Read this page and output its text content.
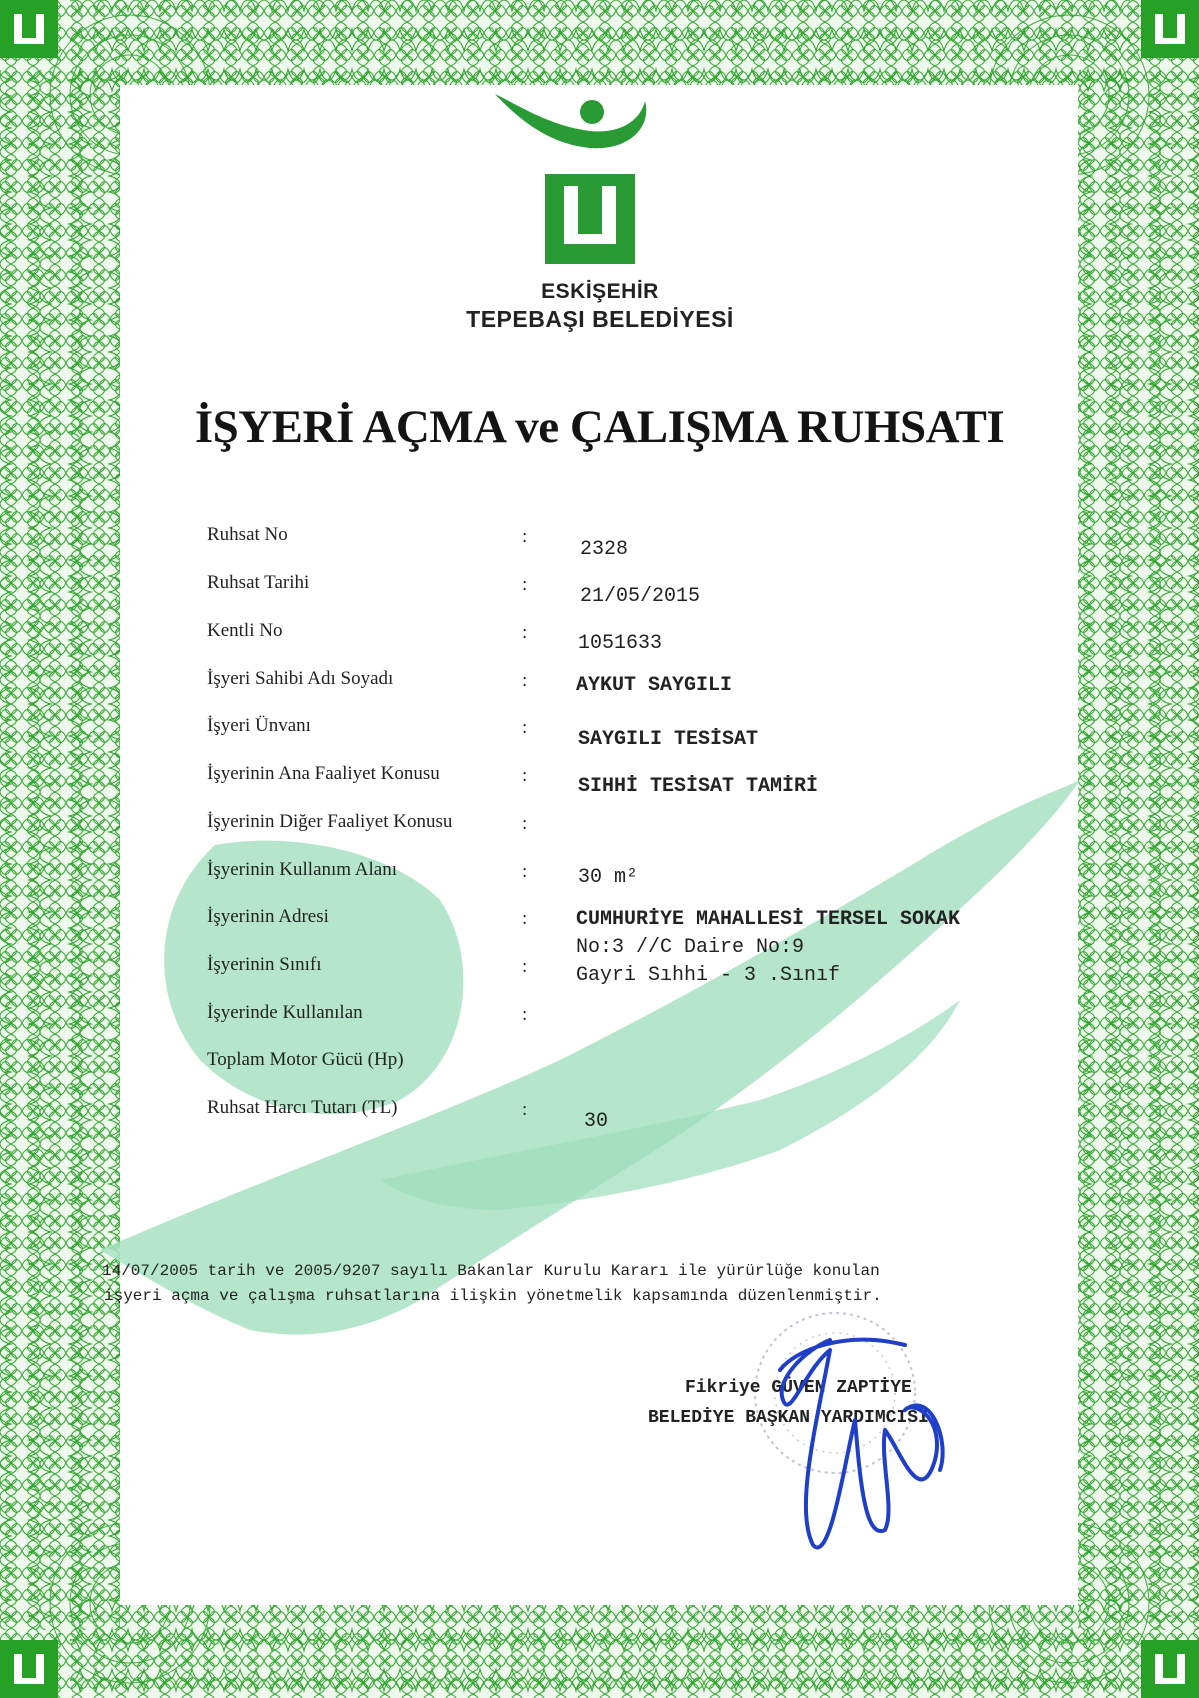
ESKİŞEHİR
TEPEBAŞI BELEDİYESİ
İŞYERİ AÇMA ve ÇALIŞMA RUHSATI
Ruhsat No
Ruhsat Tarihi
Kentli No
İşyeri Sahibi Adı Soyadı
İşyeri Ünvanı
İşyerinin Ana Faaliyet Konusu
İşyerinin Diğer Faaliyet Konusu
İşyerinin Kullanım Alanı
İşyerinin Adresi
İşyerinin Sınıfı
İşyerinde Kullanılan
Toplam Motor Gücü (Hp)
Ruhsat Harcı Tutarı (TL)
:
:
:
:
:
:
:
:
:
:
:
:
2328
21/05/2015
1051633
AYKUT SAYGILI
SAYGILI TESİSAT
SIHHİ TESİSAT TAMİRİ
30 m²
CUMHURİYE MAHALLESİ TERSEL SOKAK
No:3 //C Daire No:9
Gayri Sıhhi - 3 .Sınıf
30
14/07/2005 tarih ve 2005/9207 sayılı Bakanlar Kurulu Kararı ile yürürlüğe konulan
işyeri açma ve çalışma ruhsatlarına ilişkin yönetmelik kapsamında düzenlenmiştir.
Fikriye GÜVEN ZAPTİYE
BELEDİYE BAŞKAN YARDIMCISI
